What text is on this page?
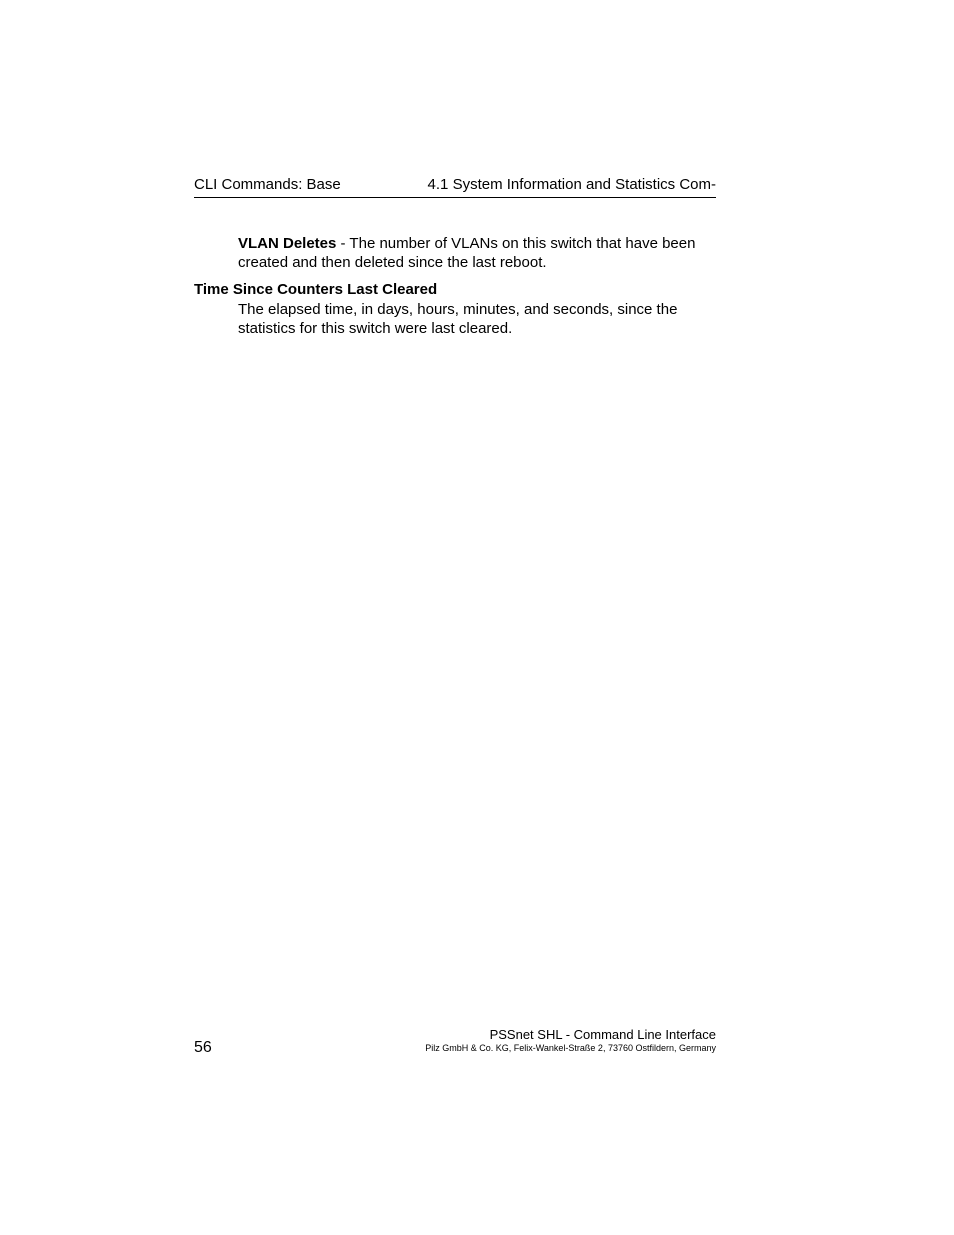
CLI Commands: Base	4.1 System Information and Statistics Com-
VLAN Deletes - The number of VLANs on this switch that have been created and then deleted since the last reboot.
Time Since Counters Last Cleared
The elapsed time, in days, hours, minutes, and seconds, since the statistics for this switch were last cleared.
56
PSSnet SHL - Command Line Interface
Pilz GmbH & Co. KG, Felix-Wankel-Straße 2, 73760 Ostfildern, Germany
